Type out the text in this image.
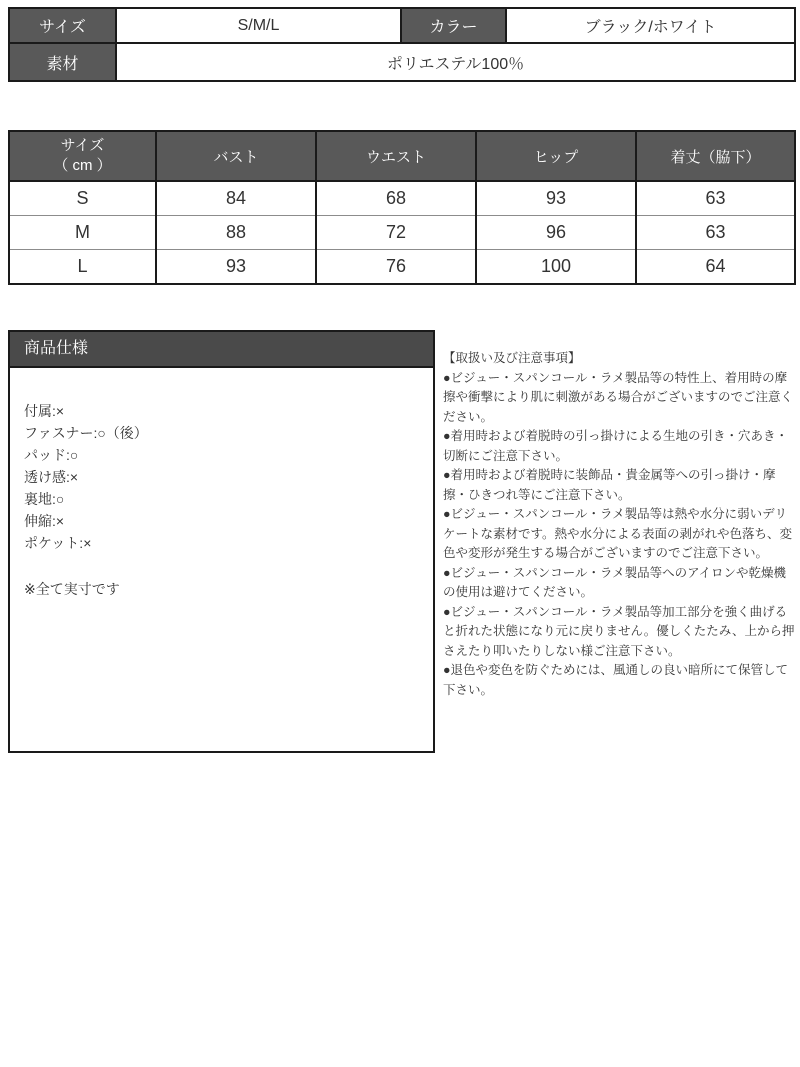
サイズ	S/M/L	カラー	ブラック/ホワイト
素材	ポリエステル100％		
サイズ
（ cm ）	バスト	ウエスト	ヒップ	着丈（脇下）
S	84	68	93	63
M	88	72	96	63
L	93	76	100	64
商品仕様
付属:×
ファスナー:○（後）
パッド:○
透け感:×
裏地:○
伸縮:×
ポケット:×
※全て実寸です

【取扱い及び注意事項】

●ビジュー・スパンコール・ラメ製品等の特性上、着用時の摩擦や衝撃により肌に刺激がある場合がございますのでご注意ください。

●着用時および着脱時の引っ掛けによる生地の引き・穴あき・切断にご注意下さい。

●着用時および着脱時に装飾品・貴金属等への引っ掛け・摩擦・ひきつれ等にご注意下さい。

●ビジュー・スパンコール・ラメ製品等は熱や水分に弱いデリケートな素材です。熱や水分による表面の剥がれや色落ち、変色や変形が発生する場合がございますのでご注意下さい。

●ビジュー・スパンコール・ラメ製品等へのアイロンや乾燥機の使用は避けてください。

●ビジュー・スパンコール・ラメ製品等加工部分を強く曲げると折れた状態になり元に戻りません。優しくたたみ、上から押さえたり叩いたりしない様ご注意下さい。

●退色や変色を防ぐためには、風通しの良い暗所にて保管して下さい。
